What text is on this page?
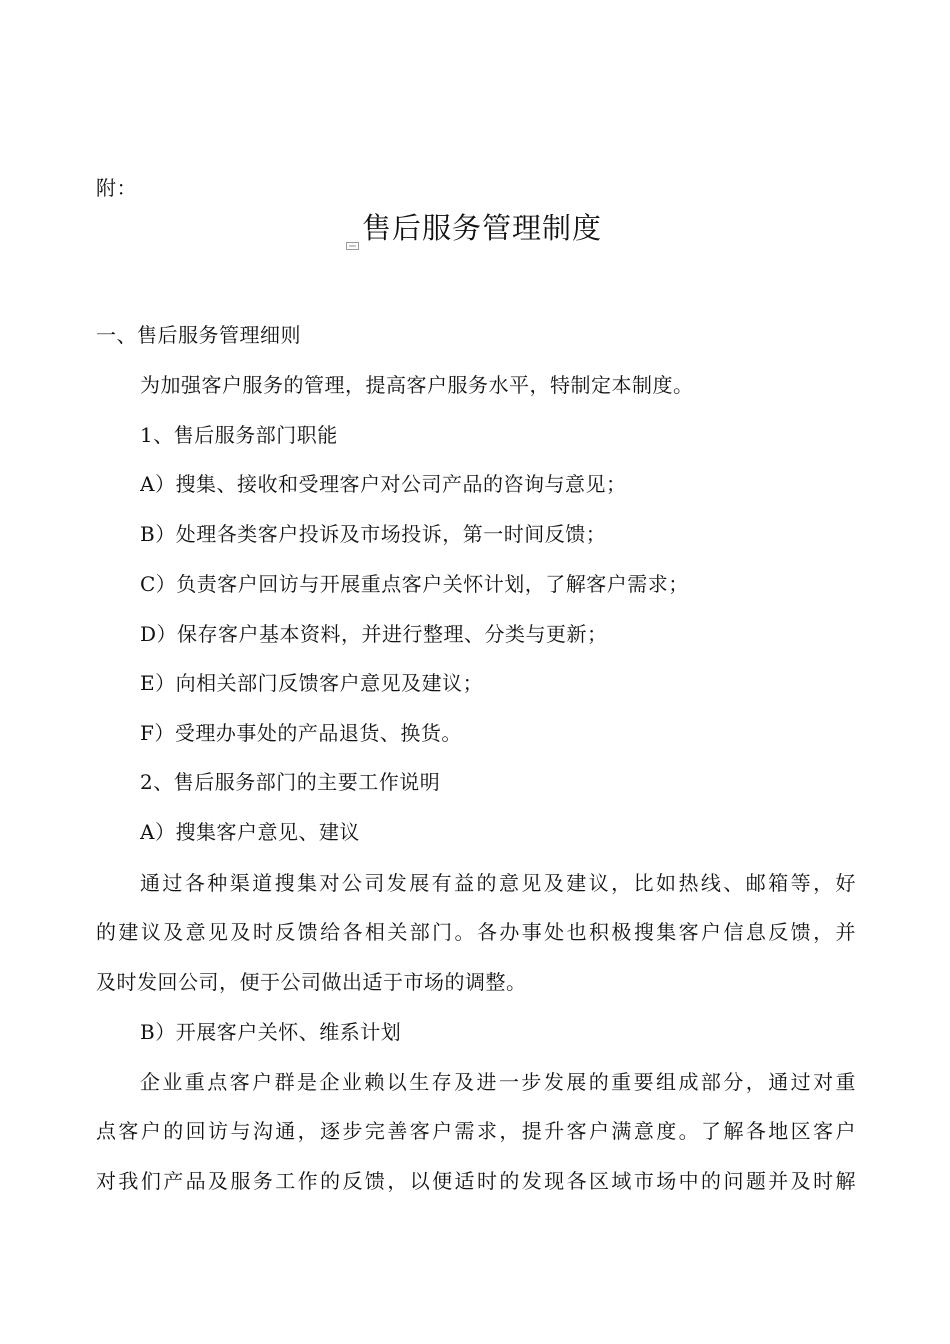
附：
售后服务管理制度
一、售后服务管理细则
为加强客户服务的管理，提高客户服务水平，特制定本制度。
1、售后服务部门职能
A）搜集、接收和受理客户对公司产品的咨询与意见；
B）处理各类客户投诉及市场投诉，第一时间反馈；
C）负责客户回访与开展重点客户关怀计划，了解客户需求；
D）保存客户基本资料，并进行整理、分类与更新；
E）向相关部门反馈客户意见及建议；
F）受理办事处的产品退货、换货。
2、售后服务部门的主要工作说明
A）搜集客户意见、建议
通过各种渠道搜集对公司发展有益的意见及建议，比如热线、邮箱等，好
的建议及意见及时反馈给各相关部门。各办事处也积极搜集客户信息反馈，并
及时发回公司，便于公司做出适于市场的调整。
B）开展客户关怀、维系计划
企业重点客户群是企业赖以生存及进一步发展的重要组成部分，通过对重
点客户的回访与沟通，逐步完善客户需求，提升客户满意度。了解各地区客户
对我们产品及服务工作的反馈，以便适时的发现各区域市场中的问题并及时解
